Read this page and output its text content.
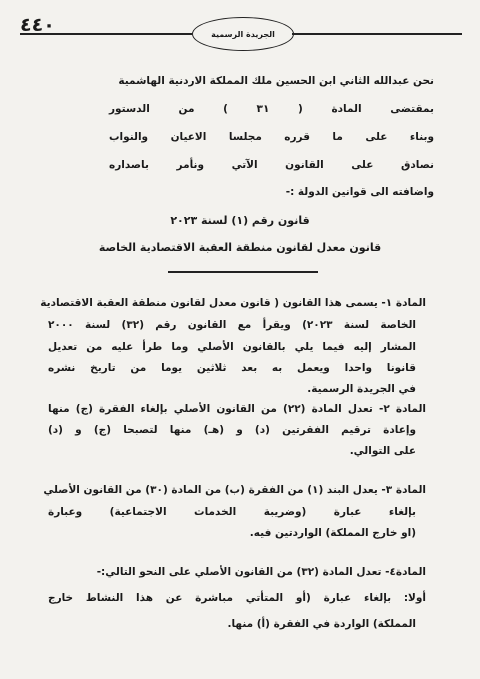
٤٤٠	الجريدة الرسمية
نحن عبدالله الثاني ابن الحسين ملك المملكة الاردنية الهاشمية
بمقتضى المادة ( ٣١ ) من الدستور
وبناء على ما قرره مجلسا الاعيان والنواب
نصادق على القانون الآتي ونأمر باصداره
واضافته الى قوانين الدولة :-
قانون رقم (١) لسنة ٢٠٢٣
قانون معدل لقانون منطقة العقبة الاقتصادية الخاصة
المادة ١- يسمى هذا القانون ( قانون معدل لقانون منطقة العقبة الاقتصادية
الخاصة لسنة ٢٠٢٣) ويقرأ مع القانون رقم (٣٢) لسنة ٢٠٠٠
المشار إليه فيما يلي بالقانون الأصلي وما طرأ عليه من تعديل
قانونا واحدا ويعمل به بعد ثلاثين يوما من تاريخ نشره
في الجريدة الرسمية.
المادة ٢- تعدل المادة (٢٢) من القانون الأصلي بإلغاء الفقرة (ج) منها
وإعادة ترقيم الفقرتين (د) و (هـ) منها لتصبحا (ج) و (د)
على التوالي.
المادة ٣- يعدل البند (١) من الفقرة (ب) من المادة (٣٠) من القانون الأصلي
بإلغاء عبارة (وضريبة الخدمات الاجتماعية) وعبارة
(او خارج المملكة) الواردتين فيه.
المادة٤- تعدل المادة (٣٢) من القانون الأصلي على النحو التالي:-
أولا: بإلغاء عبارة (أو المتأتي مباشرة عن هذا النشاط خارج
المملكة) الواردة في الفقرة (أ) منها.
